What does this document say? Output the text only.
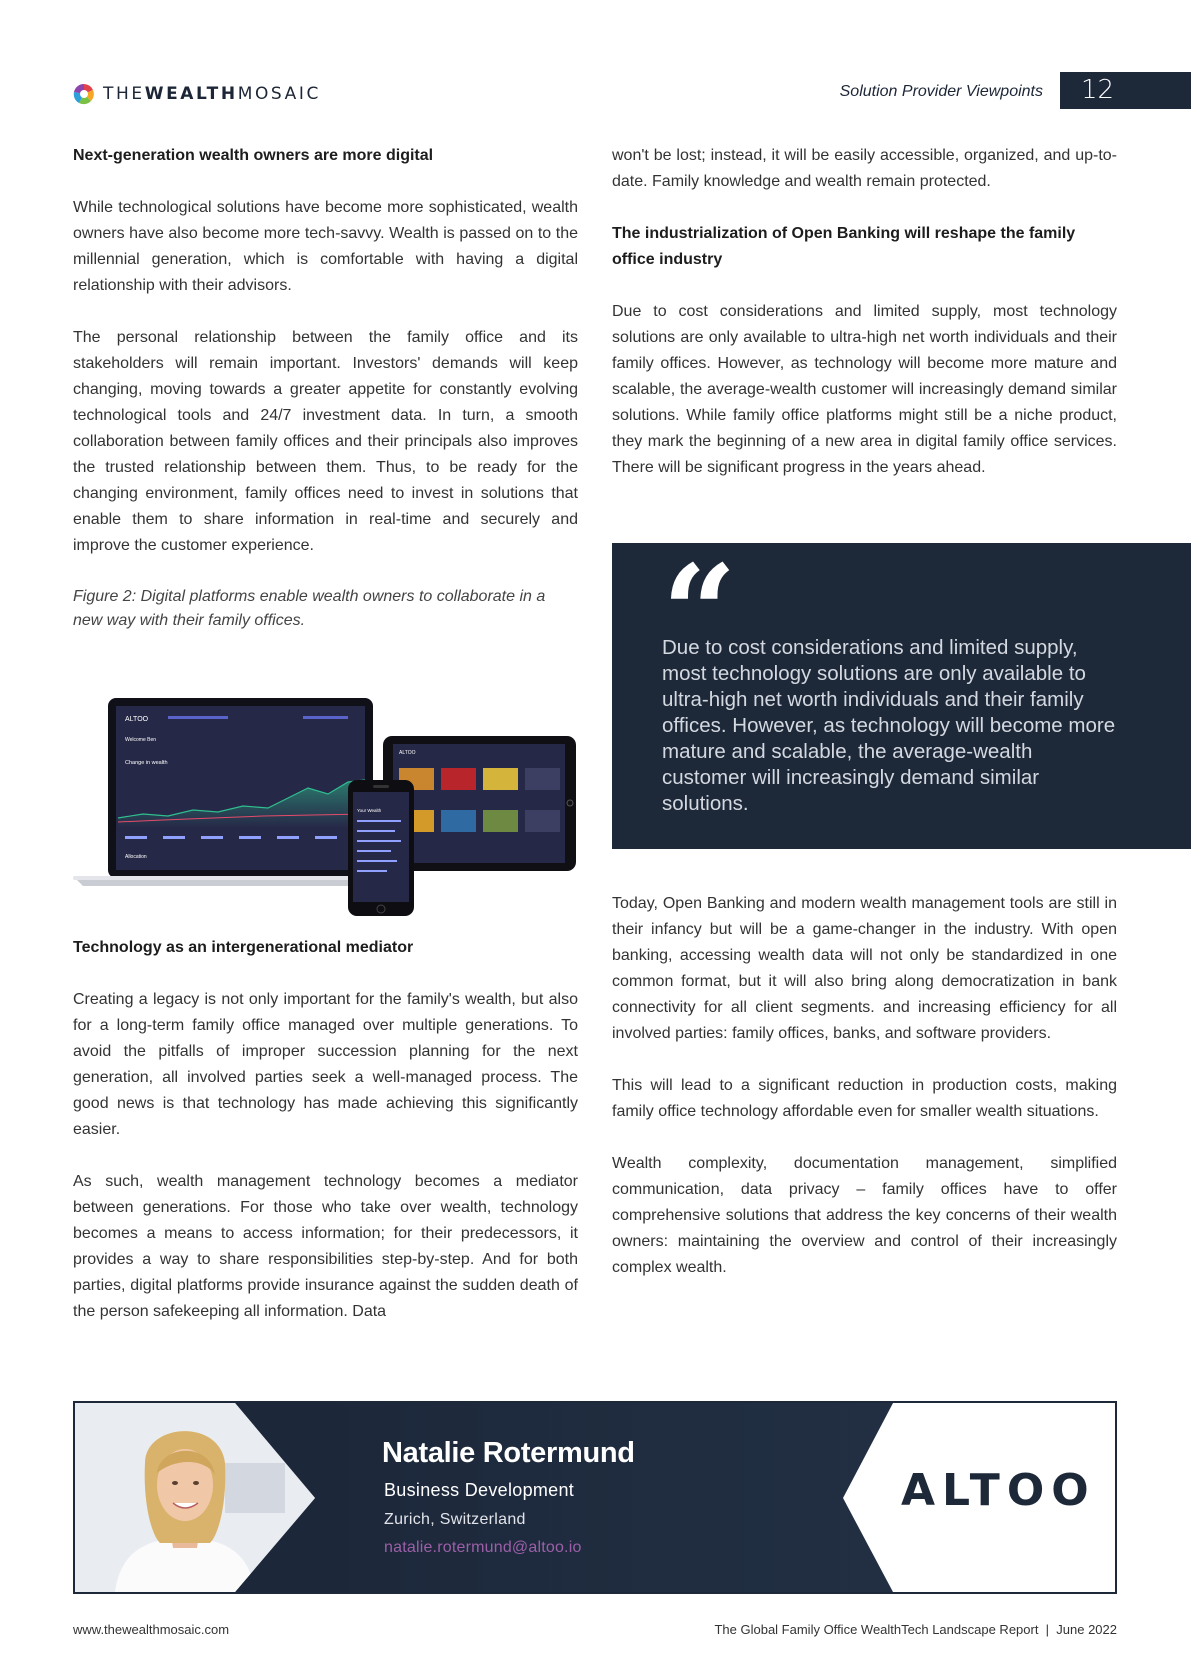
THEWEALTHMOSAIC	Solution Provider Viewpoints 12
Next-generation wealth owners are more digital

While technological solutions have become more sophisticated, wealth owners have also become more tech-savvy. Wealth is passed on to the millennial generation, which is comfortable with having a digital relationship with their advisors.

The personal relationship between the family office and its stakeholders will remain important. Investors' demands will keep changing, moving towards a greater appetite for constantly evolving technological tools and 24/7 investment data. In turn, a smooth collaboration between family offices and their principals also improves the trusted relationship between them. Thus, to be ready for the changing environment, family offices need to invest in solutions that enable them to share information in real-time and securely and improve the customer experience.

Figure 2: Digital platforms enable wealth owners to collaborate in a new way with their family offices.

Technology as an intergenerational mediator

Creating a legacy is not only important for the family's wealth, but also for a long-term family office managed over multiple generations. To avoid the pitfalls of improper succession planning for the next generation, all involved parties seek a well-managed process. The good news is that technology has made achieving this significantly easier.

As such, wealth management technology becomes a mediator between generations. For those who take over wealth, technology becomes a means to access information; for their predecessors, it provides a way to share responsibilities step-by-step. And for both parties, digital platforms provide insurance against the sudden death of the person safekeeping all information. Data

ALTOO
Welcome Ben
Change in wealth
Allocation
ALTOO
Your Wealth

won't be lost; instead, it will be easily accessible, organized, and up-to-date. Family knowledge and wealth remain protected.

The industrialization of Open Banking will reshape the family office industry

Due to cost considerations and limited supply, most technology solutions are only available to ultra-high net worth individuals and their family offices. However, as technology will become more mature and scalable, the average-wealth customer will increasingly demand similar solutions. While family office platforms might still be a niche product, they mark the beginning of a new area in digital family office services. There will be significant progress in the years ahead.

Today, Open Banking and modern wealth management tools are still in their infancy but will be a game-changer in the industry. With open banking, accessing wealth data will not only be standardized in one common format, but it will also bring along democratization in bank connectivity for all client segments. and increasing efficiency for all involved parties: family offices, banks, and software providers.

This will lead to a significant reduction in production costs, making family office technology affordable even for smaller wealth situations.

Wealth complexity, documentation management, simplified communication, data privacy – family offices have to offer comprehensive solutions that address the key concerns of their wealth owners: maintaining the overview and control of their increasingly complex wealth.

“
Due to cost considerations and limited supply, most technology solutions are only available to ultra-high net worth individuals and their family offices. However, as technology will become more mature and scalable, the average-wealth customer will increasingly demand similar solutions.
Natalie Rotermund
Business Development
Zurich, Switzerland
natalie.rotermund@altoo.io
ALTOO
www.thewealthmosaic.com	The Global Family Office WealthTech Landscape Report  |  June 2022
